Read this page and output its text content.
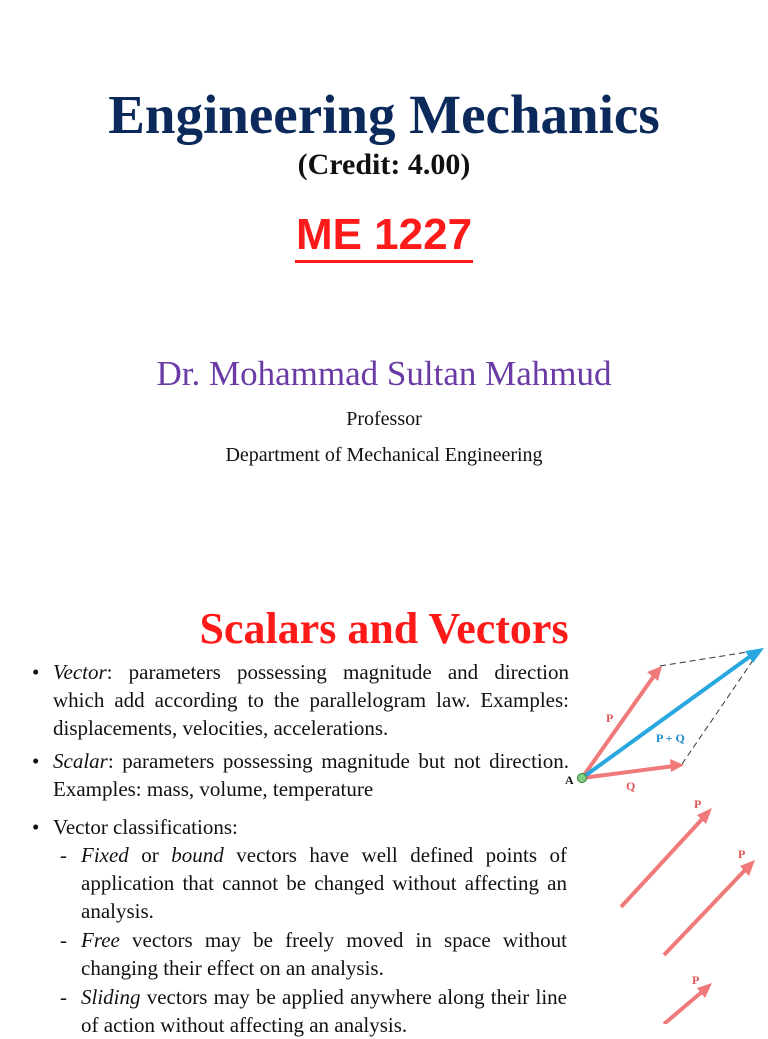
Engineering Mechanics
(Credit: 4.00)
ME 1227
Dr. Mohammad Sultan Mahmud
Professor
Department of Mechanical Engineering
Scalars and Vectors
• Vector: parameters possessing magnitude and direction which add according to the parallelogram law. Examples: displacements, velocities, accelerations.
• Scalar: parameters possessing magnitude but not direction. Examples: mass, volume, temperature
• Vector classifications:
- Fixed or bound vectors have well defined points of application that cannot be changed without affecting an analysis.
- Free vectors may be freely moved in space without changing their effect on an analysis.
- Sliding vectors may be applied anywhere along their line of action without affecting an analysis.
P
P + Q
Q
A
P
P
P
